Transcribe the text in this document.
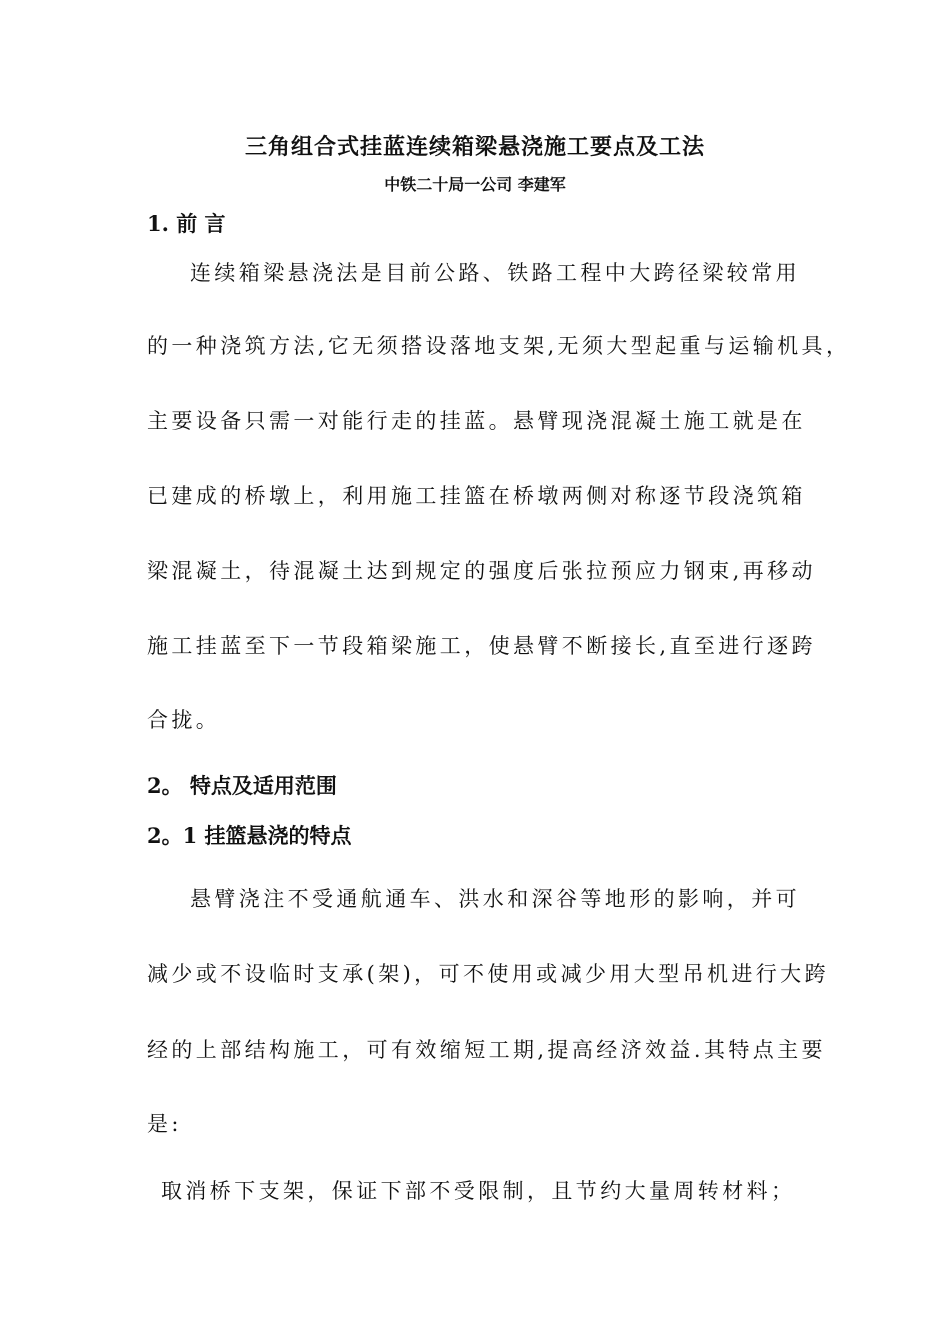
三角组合式挂蓝连续箱梁悬浇施工要点及工法
中铁二十局一公司 李建军
1. 前 言
连续箱梁悬浇法是目前公路、铁路工程中大跨径梁较常用
的一种浇筑方法,它无须搭设落地支架,无须大型起重与运输机具，
主要设备只需一对能行走的挂蓝。悬臂现浇混凝土施工就是在
已建成的桥墩上，利用施工挂篮在桥墩两侧对称逐节段浇筑箱
梁混凝土，待混凝土达到规定的强度后张拉预应力钢束,再移动
施工挂蓝至下一节段箱梁施工，使悬臂不断接长,直至进行逐跨
合拢。
2。 特点及适用范围
2。1 挂篮悬浇的特点
悬臂浇注不受通航通车、洪水和深谷等地形的影响，并可
减少或不设临时支承(架)，可不使用或减少用大型吊机进行大跨
经的上部结构施工，可有效缩短工期,提高经济效益.其特点主要
是:
取消桥下支架，保证下部不受限制，且节约大量周转材料；
